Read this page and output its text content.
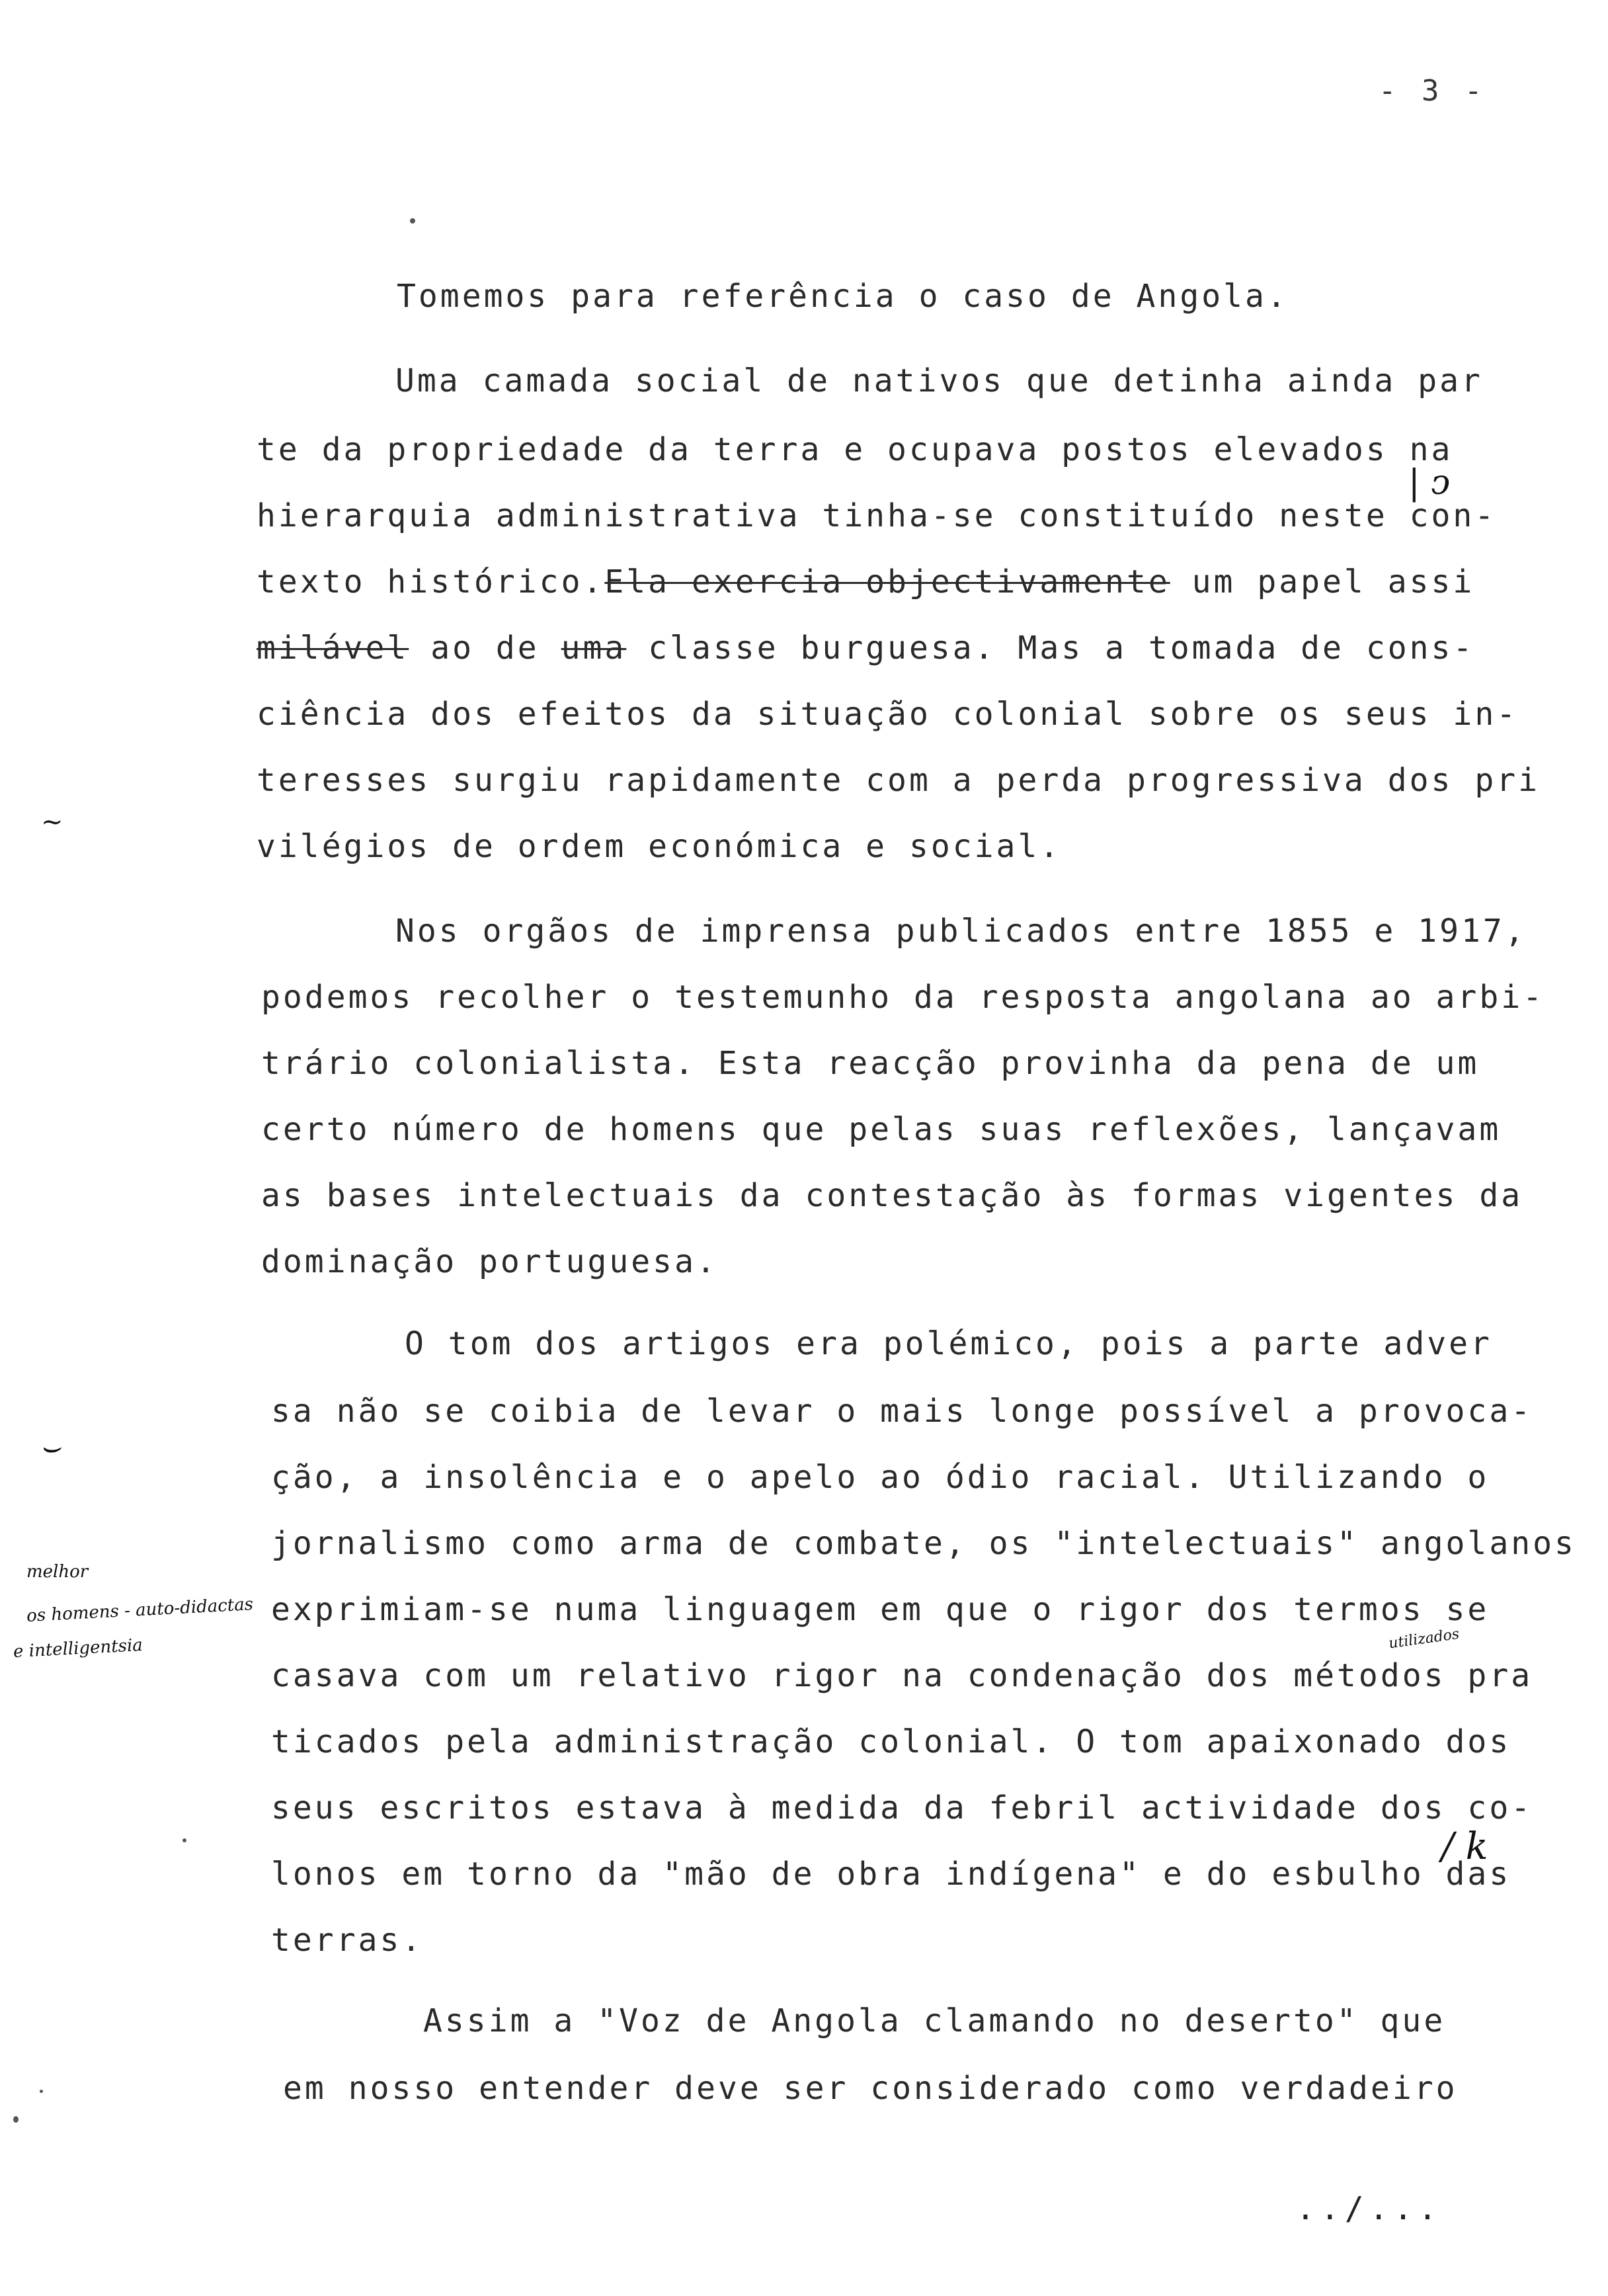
- 3 -
Tomemos para referência o caso de Angola.
Uma camada social de nativos que detinha ainda par
te da propriedade da terra e ocupava postos elevados na
hierarquia administrativa tinha-se constituído neste con-
texto histórico.Ela exercia objectivamente um papel assi
milável ao de uma classe burguesa. Mas a tomada de cons-
ciência dos efeitos da situação colonial sobre os seus in-
teresses surgiu rapidamente com a perda progressiva dos pri
vilégios de ordem económica e social.
Nos orgãos de imprensa publicados entre 1855 e 1917,
podemos recolher o testemunho da resposta angolana ao arbi-
trário colonialista. Esta reacção provinha da pena de um
certo número de homens que pelas suas reflexões, lançavam
as bases intelectuais da contestação às formas vigentes da
dominação portuguesa.
O tom dos artigos era polémico, pois a parte adver
sa não se coibia de levar o mais longe possível a provoca-
ção, a insolência e o apelo ao ódio racial. Utilizando o
jornalismo como arma de combate, os "intelectuais" angolanos
exprimiam-se numa linguagem em que o rigor dos termos se
casava com um relativo rigor na condenação dos métodos pra
ticados pela administração colonial. O tom apaixonado dos
seus escritos estava à medida da febril actividade dos co-
lonos em torno da "mão de obra indígena" e do esbulho das
terras.
Assim a "Voz de Angola clamando no deserto" que
em nosso entender deve ser considerado como verdadeiro
melhor
os homens - auto-didactas
e intelligentsia	utilizados
| ↄ
/ k
⌣
~
../...
